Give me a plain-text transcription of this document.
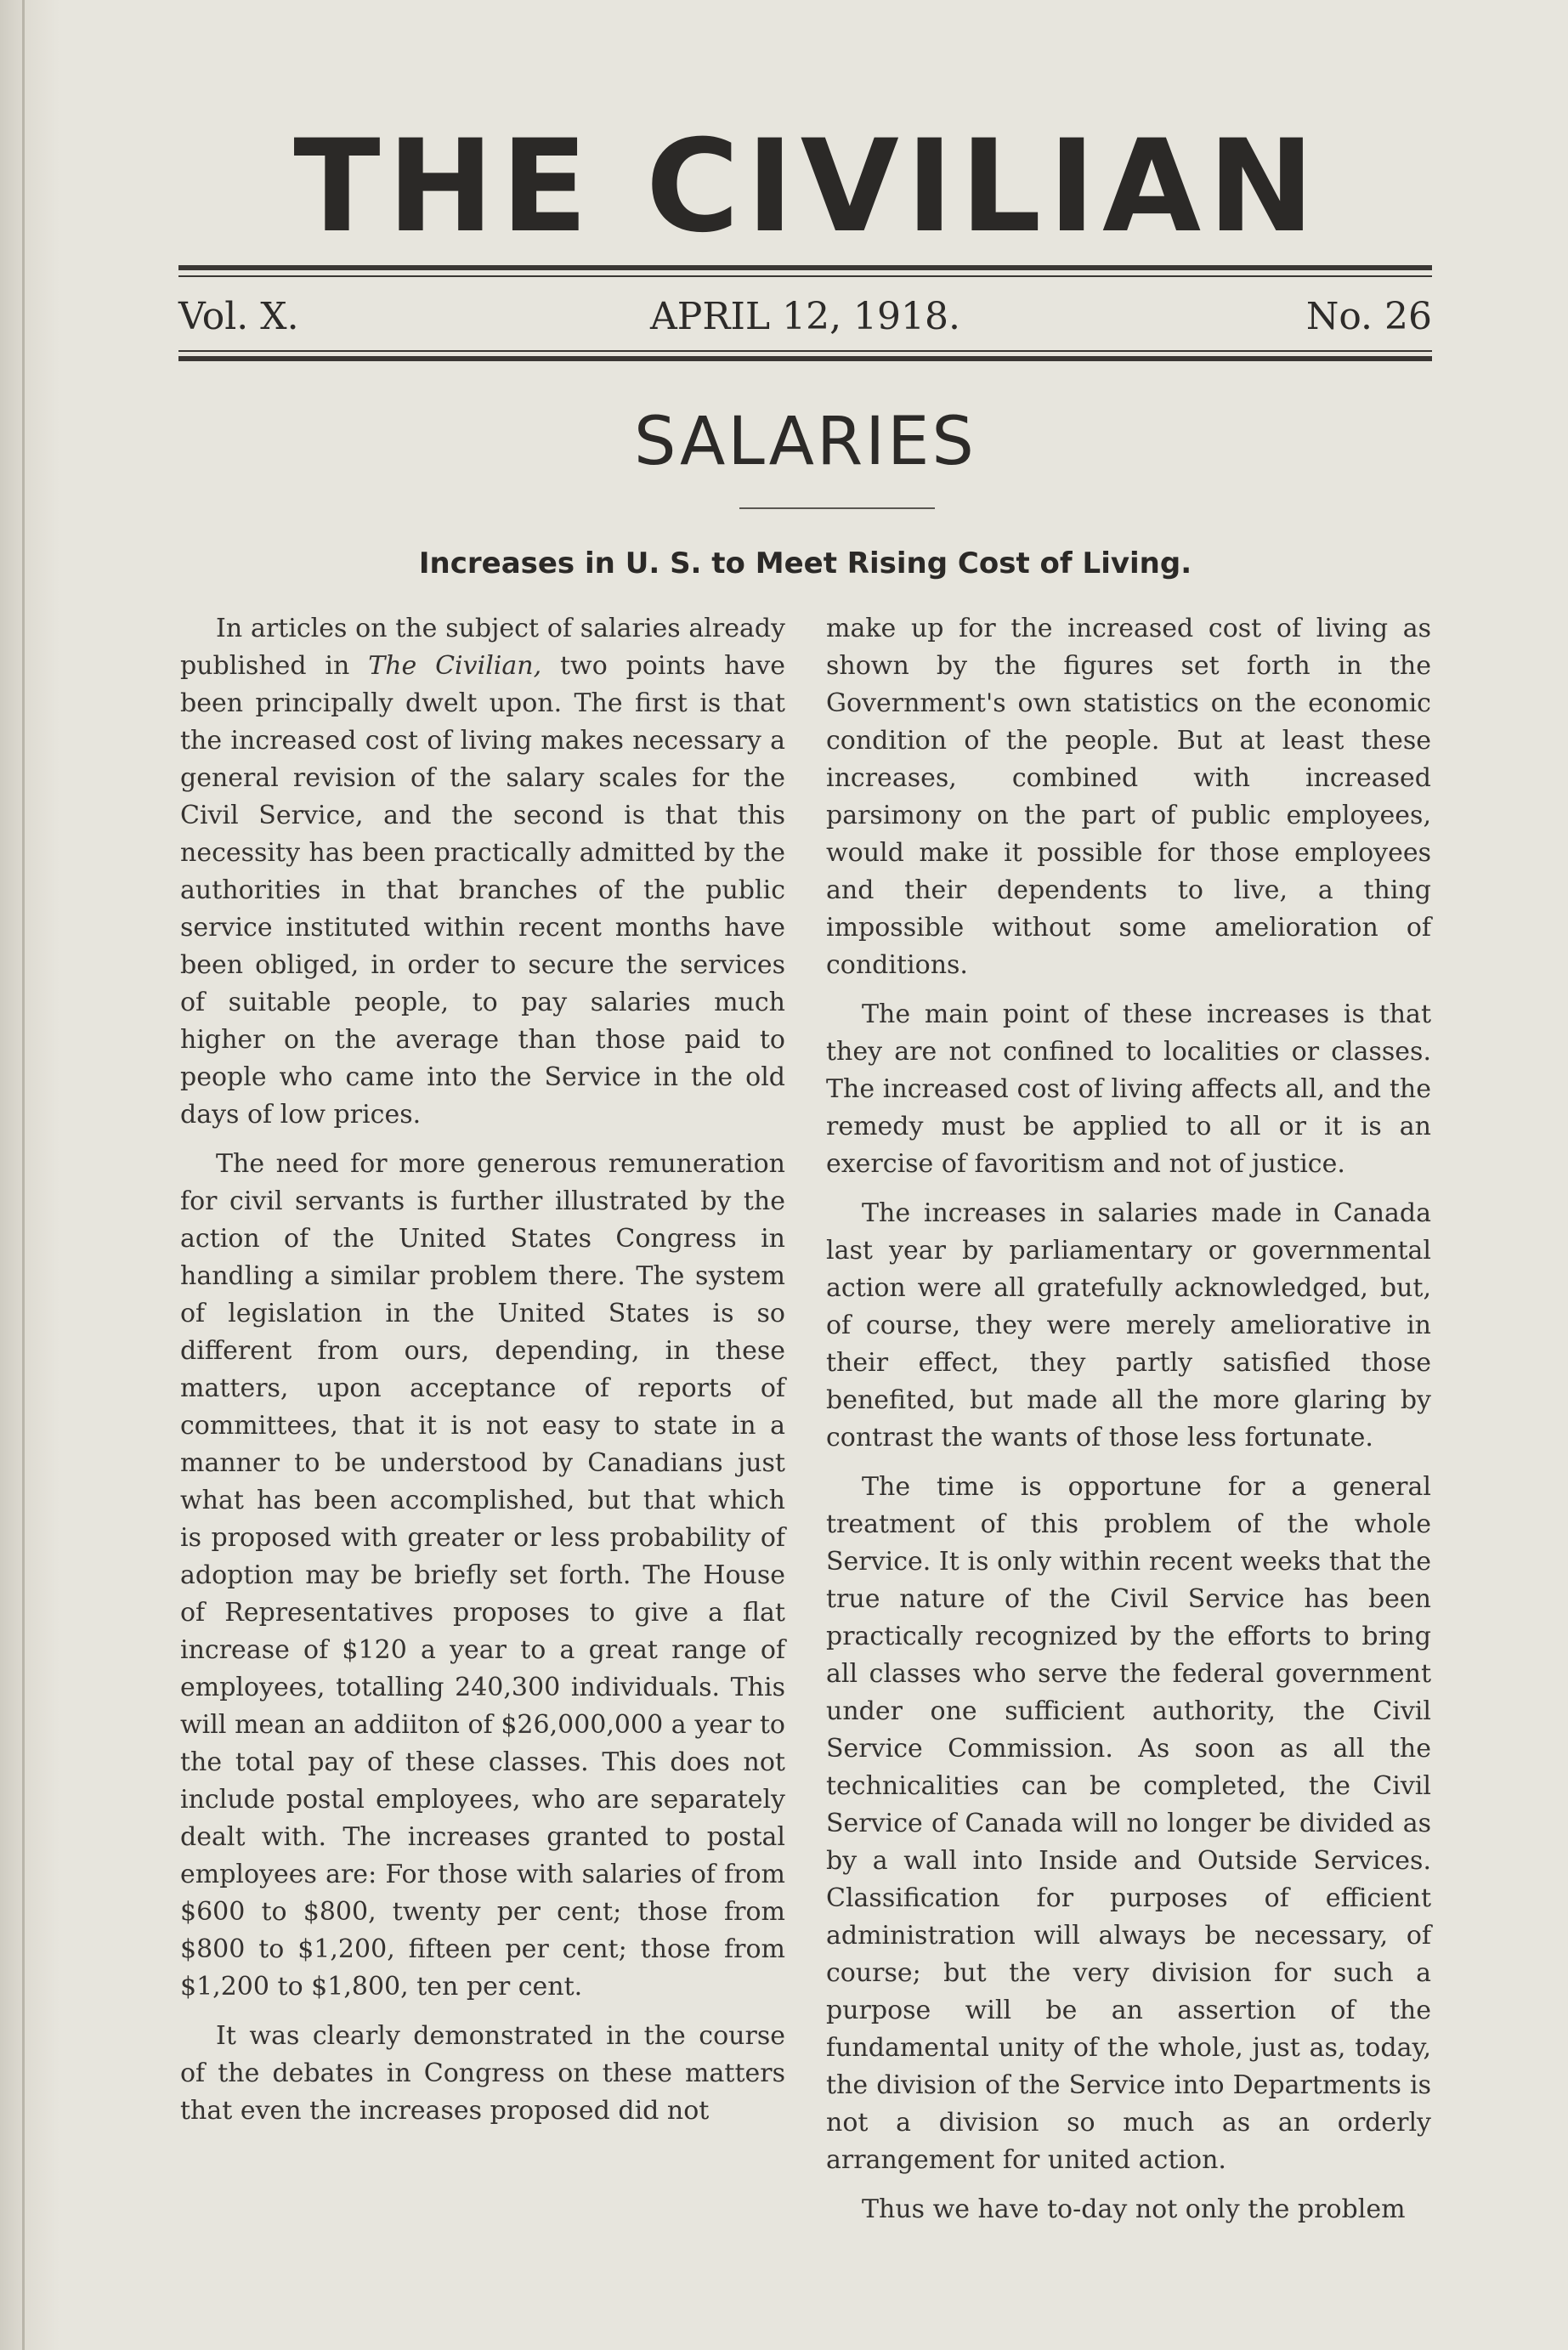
THE CIVILIAN
Vol. X.	APRIL 12, 1918.	No. 26
SALARIES
Increases in U. S. to Meet Rising Cost of Living.

In articles on the subject of salaries already published in The Civilian, two points have been principally dwelt upon. The first is that the increased cost of living makes necessary a general revision of the salary scales for the Civil Service, and the second is that this necessity has been practically admitted by the authorities in that branches of the public service instituted within recent months have been obliged, in order to secure the services of suitable people, to pay salaries much higher on the average than those paid to people who came into the Service in the old days of low prices.

The need for more generous remuneration for civil servants is further illustrated by the action of the United States Congress in handling a similar problem there. The system of legislation in the United States is so different from ours, depending, in these matters, upon acceptance of reports of committees, that it is not easy to state in a manner to be understood by Canadians just what has been accomplished, but that which is proposed with greater or less probability of adoption may be briefly set forth. The House of Representatives proposes to give a flat increase of $120 a year to a great range of employees, totalling 240,300 individuals. This will mean an addiiton of $26,000,000 a year to the total pay of these classes. This does not include postal employees, who are separately dealt with. The increases granted to postal employees are: For those with salaries of from $600 to $800, twenty per cent; those from $800 to $1,200, fifteen per cent; those from $1,200 to $1,800, ten per cent.

It was clearly demonstrated in the course of the debates in Congress on these matters that even the increases proposed did not

make up for the increased cost of living as shown by the figures set forth in the Government's own statistics on the economic condition of the people. But at least these increases, combined with increased parsimony on the part of public employees, would make it possible for those employees and their dependents to live, a thing impossible without some amelioration of conditions.

The main point of these increases is that they are not confined to localities or classes. The increased cost of living affects all, and the remedy must be applied to all or it is an exercise of favoritism and not of justice.

The increases in salaries made in Canada last year by parliamentary or governmental action were all gratefully acknowledged, but, of course, they were merely ameliorative in their effect, they partly satisfied those benefited, but made all the more glaring by contrast the wants of those less fortunate.

The time is opportune for a general treatment of this problem of the whole Service. It is only within recent weeks that the true nature of the Civil Service has been practically recognized by the efforts to bring all classes who serve the federal government under one sufficient authority, the Civil Service Commission. As soon as all the technicalities can be completed, the Civil Service of Canada will no longer be divided as by a wall into Inside and Outside Services. Classification for purposes of efficient administration will always be necessary, of course; but the very division for such a purpose will be an assertion of the fundamental unity of the whole, just as, today, the division of the Service into Departments is not a division so much as an orderly arrangement for united action.

Thus we have to-day not only the problem
